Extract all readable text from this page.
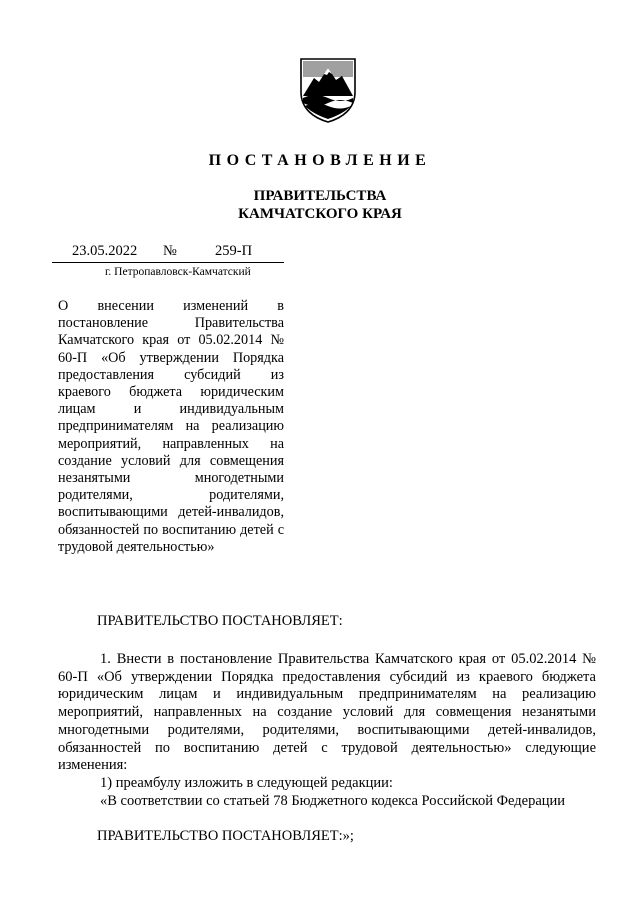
ПОСТАНОВЛЕНИЕ
ПРАВИТЕЛЬСТВА
КАМЧАТСКОГО КРАЯ
23.05.2022 №	259-П
г. Петропавловск-Камчатский

О внесении изменений в постановление Правительства Камчатского края от 05.02.2014 № 60-П «Об утверждении Порядка предоставления субсидий из краевого бюджета юридическим лицам и индивидуальным предпринимателям на реализацию мероприятий, направленных на создание условий для совмещения незанятыми многодетными родителями, родителями, воспитывающими детей-инвалидов, обязанностей по воспитанию детей с трудовой деятельностью»

ПРАВИТЕЛЬСТВО ПОСТАНОВЛЯЕТ:

1. Внести в постановление Правительства Камчатского края от 05.02.2014 № 60-П «Об утверждении Порядка предоставления субсидий из краевого бюджета юридическим лицам и индивидуальным предпринимателям на реализацию мероприятий, направленных на создание условий для совмещения незанятыми многодетными родителями, родителями, воспитывающими детей-инвалидов, обязанностей по воспитанию детей с трудовой деятельностью» следующие изменения:

1) преамбулу изложить в следующей редакции:

«В соответствии со статьей 78 Бюджетного кодекса Российской Федерации

ПРАВИТЕЛЬСТВО ПОСТАНОВЛЯЕТ:»;
